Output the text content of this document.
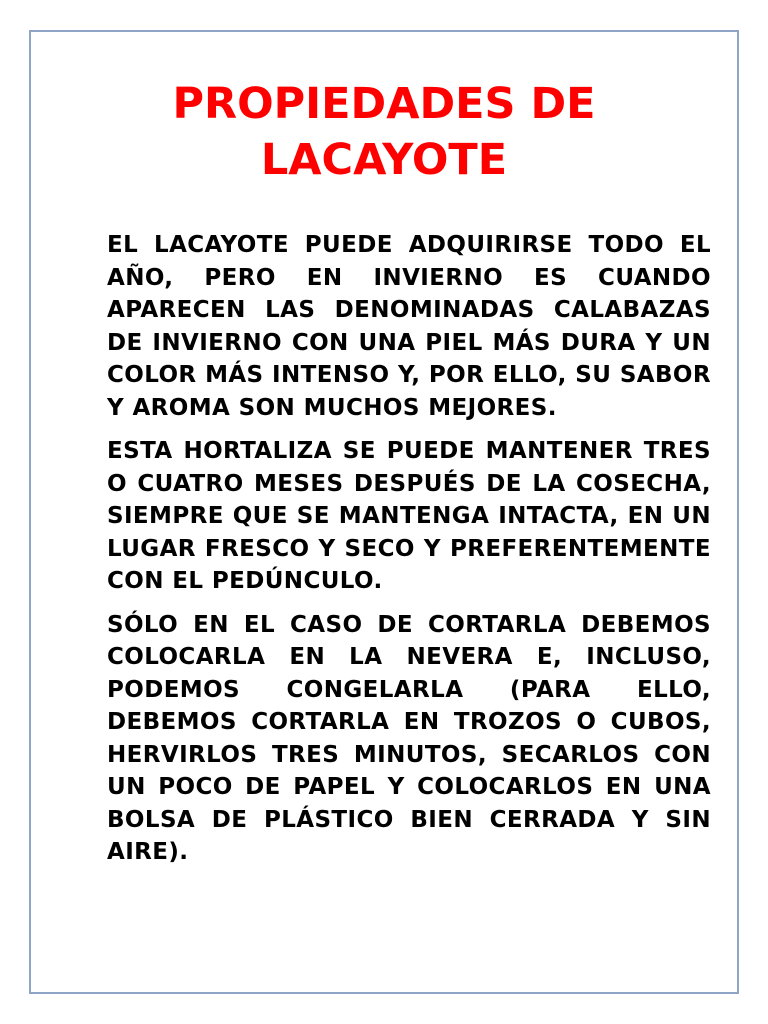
PROPIEDADES DE
LACAYOTE

EL LACAYOTE PUEDE ADQUIRIRSE TODO EL AÑO, PERO EN INVIERNO ES CUANDO APARECEN LAS DENOMINADAS CALABAZAS DE INVIERNO CON UNA PIEL MÁS DURA Y UN COLOR MÁS INTENSO Y, POR ELLO, SU SABOR Y AROMA SON MUCHOS MEJORES.

ESTA HORTALIZA SE PUEDE MANTENER TRES O CUATRO MESES DESPUÉS DE LA COSECHA, SIEMPRE QUE SE MANTENGA INTACTA, EN UN LUGAR FRESCO Y SECO Y PREFERENTEMENTE CON EL PEDÚNCULO.

SÓLO EN EL CASO DE CORTARLA DEBEMOS COLOCARLA EN LA NEVERA E, INCLUSO, PODEMOS CONGELARLA (PARA ELLO, DEBEMOS CORTARLA EN TROZOS O CUBOS, HERVIRLOS TRES MINUTOS, SECARLOS CON UN POCO DE PAPEL Y COLOCARLOS EN UNA BOLSA DE PLÁSTICO BIEN CERRADA Y SIN AIRE).
